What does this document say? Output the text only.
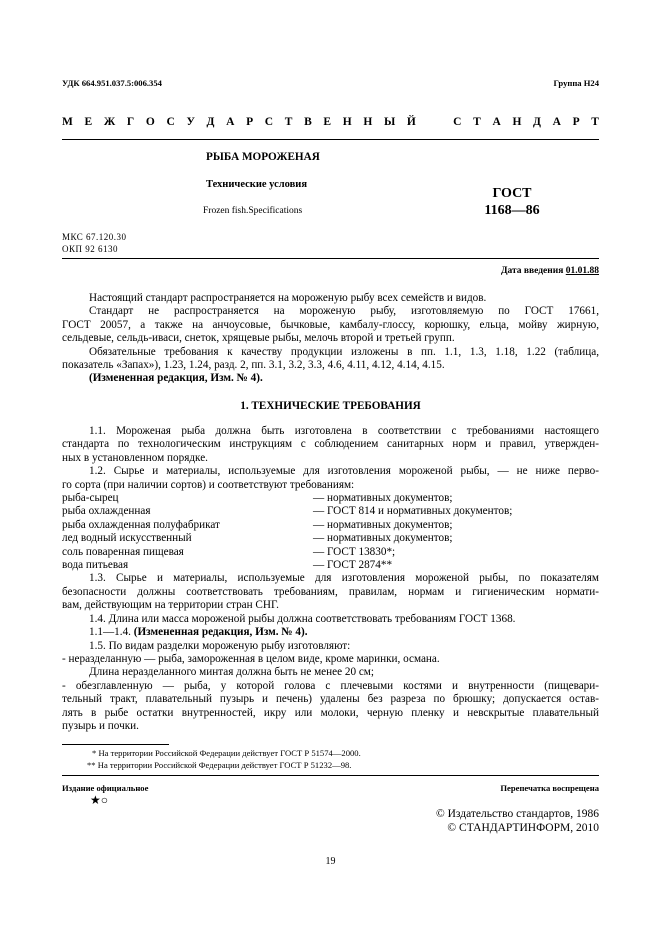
УДК 664.951.037.5:006.354	Группа Н24
М Е Ж Г О С У Д А Р С Т В Е Н Н Ы Й	С Т А Н Д А Р Т
РЫБА МОРОЖЕНАЯ
Технические условия
Frozen fish.Specifications
ГОСТ
1168—86
МКС 67.120.30
ОКП 92 6130
Дата введения 01.01.88

Настоящий стандарт распространяется на мороженую рыбу всех семейств и видов.

Стандарт не распространяется на мороженую рыбу, изготовляемую по ГОСТ 17661,

ГОСТ 20057, а также на анчоусовые, бычковые, камбалу-глоссу, корюшку, ельца, мойву жирную,

сельдевые, сельдь-иваси, снеток, хрящевые рыбы, мелочь второй и третьей групп.

Обязательные требования к качеству продукции изложены в пп. 1.1, 1.3, 1.18, 1.22 (таблица,

показатель «Запах»), 1.23, 1.24, разд. 2, пп. 3.1, 3.2, 3.3, 4.6, 4.11, 4.12, 4.14, 4.15.

(Измененная редакция, Изм. № 4).

1. ТЕХНИЧЕСКИЕ ТРЕБОВАНИЯ

1.1. Мороженая рыба должна быть изготовлена в соответствии с требованиями настоящего

стандарта по технологическим инструкциям с соблюдением санитарных норм и правил, утвержден-

ных в установленном порядке.

1.2. Сырье и материалы, используемые для изготовления мороженой рыбы, — не ниже перво-

го сорта (при наличии сортов) и соответствуют требованиям:

рыба-сырец	— нормативных документов;
рыба охлажденная	— ГОСТ 814 и нормативных документов;
рыба охлажденная полуфабрикат	— нормативных документов;
лед водный искусственный	— нормативных документов;
соль поваренная пищевая	— ГОСТ 13830*;
вода питьевая	— ГОСТ 2874**

1.3. Сырье и материалы, используемые для изготовления мороженой рыбы, по показателям

безопасности должны соответствовать требованиям, правилам, нормам и гигиеническим нормати-

вам, действующим на территории стран СНГ.

1.4. Длина или масса мороженой рыбы должна соответствовать требованиям ГОСТ 1368.

1.1—1.4. (Измененная редакция, Изм. № 4).

1.5. По видам разделки мороженую рыбу изготовляют:

- неразделанную — рыба, замороженная в целом виде, кроме маринки, османа.

Длина неразделанного минтая должна быть не менее 20 см;

- обезглавленную — рыба, у которой голова с плечевыми костями и внутренности (пищевари-

тельный тракт, плавательный пузырь и печень) удалены без разреза по брюшку; допускается остав-

лять в рыбе остатки внутренностей, икру или молоки, черную пленку и невскрытые плавательный

пузырь и почки.

* На территории Российской Федерации действует ГОСТ Р 51574—2000.
** На территории Российской Федерации действует ГОСТ Р 51232—98.
Издание официальное	Перепечатка воспрещена
★○
© Издательство стандартов, 1986
© СТАНДАРТИНФОРМ, 2010
19
